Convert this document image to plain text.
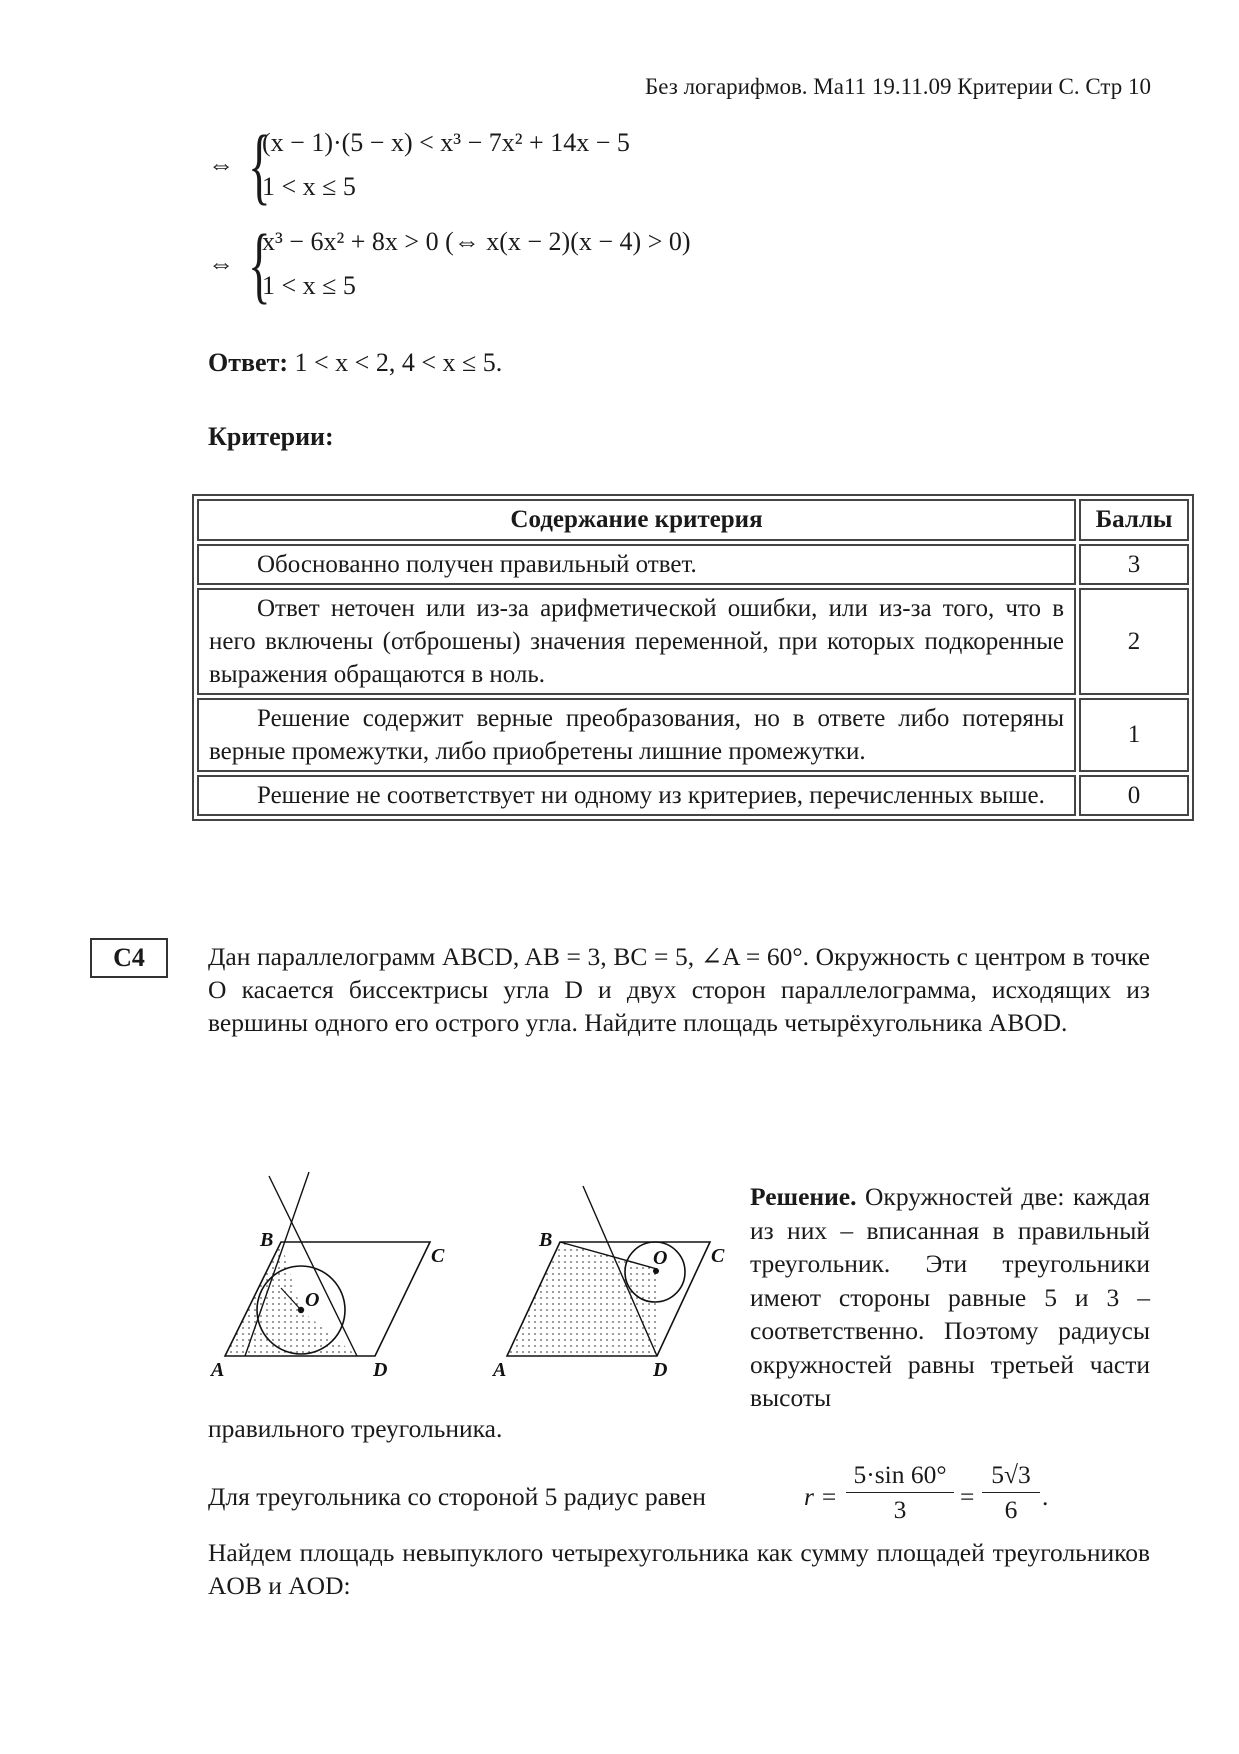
Без логарифмов. Ма11 19.11.09 Критерии С. Стр 10
⇔ {
(x − 1)·(5 − x) < x³ − 7x² + 14x − 5
1 < x ≤ 5
⇔ {
x³ − 6x² + 8x > 0 (⇔ x(x − 2)(x − 4) > 0)
1 < x ≤ 5
Ответ: 1 < x < 2, 4 < x ≤ 5.
Критерии:
Содержание критерия	Баллы
Обоснованно получен правильный ответ.	3
Ответ неточен или из-за арифметической ошибки, или из-за того, что в него включены (отброшены) значения переменной, при которых подкоренные выражения обращаются в ноль.	2
Решение содержит верные преобразования, но в ответе либо потеряны верные промежутки, либо приобретены лишние промежутки.	1
Решение не соответствует ни одному из критериев, перечисленных выше.	0
С4	Дан параллелограмм ABCD, AB = 3, BC = 5, ∠A = 60°. Окружность с центром в точке O касается биссектрисы угла D и двух сторон параллелограмма, исходящих из вершины одного его острого угла. Найдите площадь четырёхугольника ABOD.
A
B
C
D
O
A
B
C
D
O
Решение. Окружностей две: каждая из них – вписанная в правильный треугольник. Эти треугольники имеют стороны равные 5 и 3 – соответственно. Поэтому радиусы окружностей равны третьей части высоты
правильного треугольника.
Для треугольника со стороной 5 радиус равен	r =
5·sin 60°
3	=
5√3
6 .
Найдем площадь невыпуклого четырехугольника как сумму площадей треугольников AOB и AOD:
